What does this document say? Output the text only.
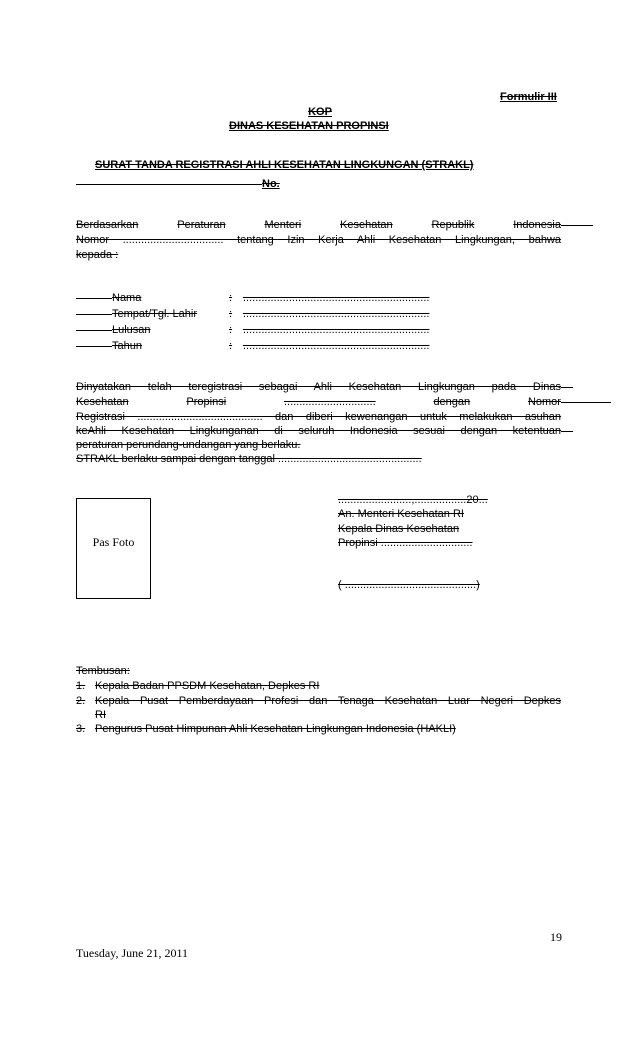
Formulir III
KOP
DINAS KESEHATAN PROPINSI
SURAT TANDA REGISTRASI AHLI KESEHATAN LINGKUNGAN (STRAKL)
No.
Berdasarkan	Peraturan	Menteri	Kesehatan	Republik	Indonesia
Nomor ................................. tentang Izin Kerja Ahli Kesehatan Lingkungan, bahwa
kepada :
Nama	: .............................................................
Tempat/Tgl. Lahir	: .............................................................
Lulusan	: .............................................................
Tahun	: .............................................................
Dinyatakan telah teregistrasi sebagai Ahli Kesehatan Lingkungan pada Dinas
Kesehatan	Propinsi	..............................	dengan	Nomor
Registrasi ......................................... dan diberi kewenangan untuk melakukan asuhan
keAhli Kesehatan Lingkunganan di seluruh Indonesia sesuai dengan ketentuan
peraturan perundang-undangan yang berlaku.
STRAKL berlaku sampai dengan tanggal ...............................................
Pas Foto
........................,.................20...
An. Menteri Kesehatan RI
Kepala Dinas Kesehatan
Propinsi ..............................
( ...........................................)
Tembusan:
1. Kepala Badan PPSDM Kesehatan, Depkes RI
2. Kepala Pusat Pemberdayaan Profesi dan Tenaga Kesehatan Luar Negeri Depkes
RI
3. Pengurus Pusat Himpunan Ahli Kesehatan Lingkungan Indonesia (HAKLI)
19
Tuesday, June 21, 2011
